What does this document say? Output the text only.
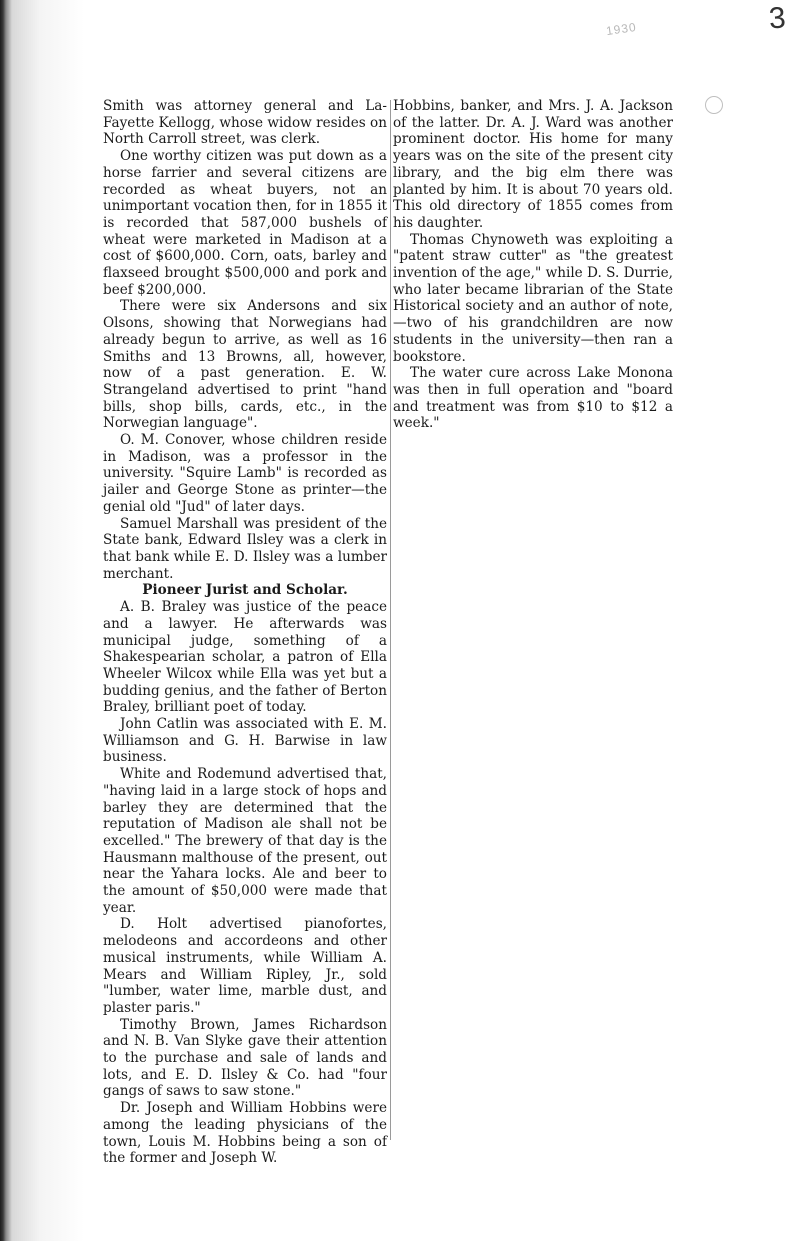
3
1930

Smith was attorney general and La-Fayette Kellogg, whose widow resides on North Carroll street, was clerk.

One worthy citizen was put down as a horse farrier and several citizens are recorded as wheat buyers, not an unimportant vocation then, for in 1855 it is recorded that 587,000 bushels of wheat were marketed in Madison at a cost of $600,000. Corn, oats, barley and flaxseed brought $500,000 and pork and beef $200,000.

There were six Andersons and six Olsons, showing that Norwegians had already begun to arrive, as well as 16 Smiths and 13 Browns, all, however, now of a past generation. E. W. Strangeland advertised to print "hand bills, shop bills, cards, etc., in the Norwegian language".

O. M. Conover, whose children reside in Madison, was a professor in the university. "Squire Lamb" is recorded as jailer and George Stone as printer—the genial old "Jud" of later days.

Samuel Marshall was president of the State bank, Edward Ilsley was a clerk in that bank while E. D. Ilsley was a lumber merchant.

Pioneer Jurist and Scholar.

A. B. Braley was justice of the peace and a lawyer. He afterwards was municipal judge, something of a Shakespearian scholar, a patron of Ella Wheeler Wilcox while Ella was yet but a budding genius, and the father of Berton Braley, brilliant poet of today.

John Catlin was associated with E. M. Williamson and G. H. Barwise in law business.

White and Rodemund advertised that, "having laid in a large stock of hops and barley they are determined that the reputation of Madison ale shall not be excelled." The brewery of that day is the Hausmann malthouse of the present, out near the Yahara locks. Ale and beer to the amount of $50,000 were made that year.

D. Holt advertised pianofortes, melodeons and accordeons and other musical instruments, while William A. Mears and William Ripley, Jr., sold "lumber, water lime, marble dust, and plaster paris."

Timothy Brown, James Richardson and N. B. Van Slyke gave their attention to the purchase and sale of lands and lots, and E. D. Ilsley & Co. had "four gangs of saws to saw stone."

Dr. Joseph and William Hobbins were among the leading physicians of the town, Louis M. Hobbins being a son of the former and Joseph W.

Hobbins, banker, and Mrs. J. A. Jackson of the latter. Dr. A. J. Ward was another prominent doctor. His home for many years was on the site of the present city library, and the big elm there was planted by him. It is about 70 years old. This old directory of 1855 comes from his daughter.

Thomas Chynoweth was exploiting a "patent straw cutter" as "the greatest invention of the age," while D. S. Durrie, who later became librarian of the State Historical society and an author of note,—two of his grandchildren are now students in the university—then ran a bookstore.

The water cure across Lake Monona was then in full operation and "board and treatment was from $10 to $12 a week."
